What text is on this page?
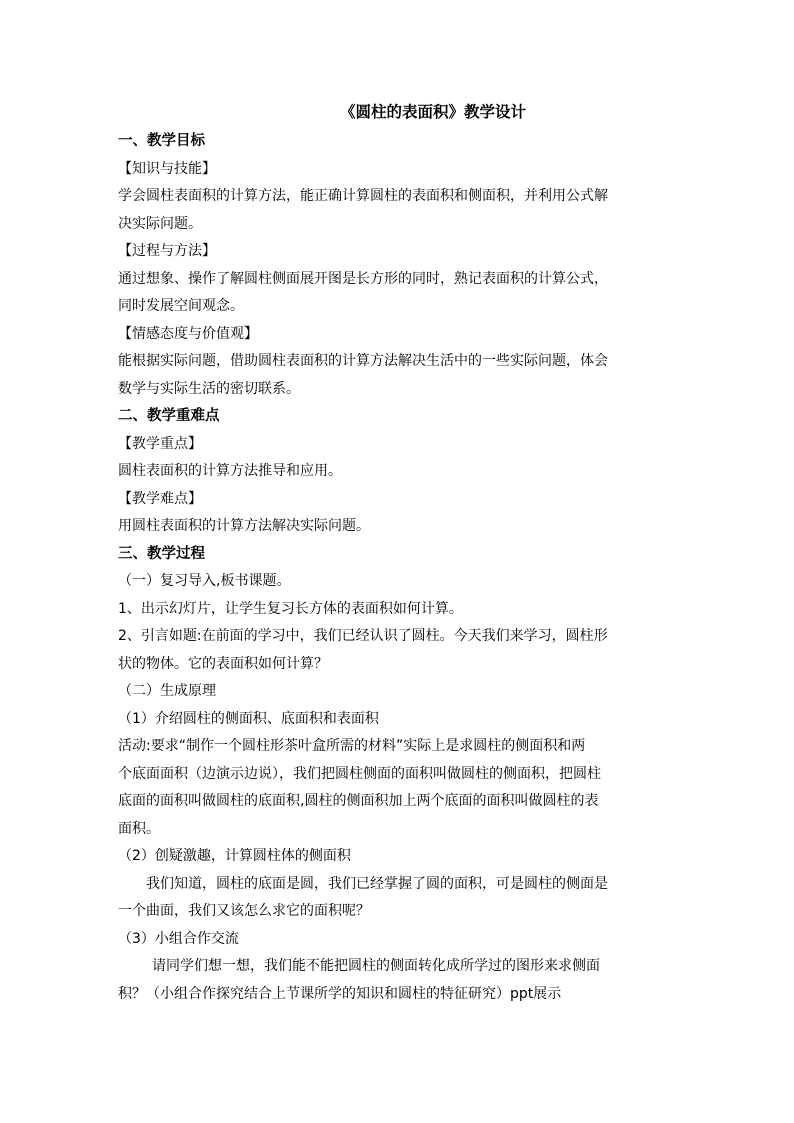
《圆柱的表面积》教学设计
一、教学目标
【知识与技能】
学会圆柱表面积的计算方法，能正确计算圆柱的表面积和侧面积，并利用公式解
决实际问题。
【过程与方法】
通过想象、操作了解圆柱侧面展开图是长方形的同时，熟记表面积的计算公式，
同时发展空间观念。
【情感态度与价值观】
能根据实际问题，借助圆柱表面积的计算方法解决生活中的一些实际问题，体会
数学与实际生活的密切联系。
二、教学重难点
【教学重点】
圆柱表面积的计算方法推导和应用。
【教学难点】
用圆柱表面积的计算方法解决实际问题。
三、教学过程
（一）复习导入,板书课题。
1、出示幻灯片，让学生复习长方体的表面积如何计算。
2、引言如题:在前面的学习中，我们已经认识了圆柱。今天我们来学习，圆柱形
状的物体。它的表面积如何计算？
（二）生成原理
（1）介绍圆柱的侧面积、底面积和表面积
活动:要求“制作一个圆柱形茶叶盒所需的材料”实际上是求圆柱的侧面积和两
个底面面积（边演示边说），我们把圆柱侧面的面积叫做圆柱的侧面积，把圆柱
底面的面积叫做圆柱的底面积,圆柱的侧面积加上两个底面的面积叫做圆柱的表
面积。
（2）创疑激趣，计算圆柱体的侧面积
我们知道，圆柱的底面是圆，我们已经掌握了圆的面积，可是圆柱的侧面是
一个曲面，我们又该怎么求它的面积呢？
（3）小组合作交流
请同学们想一想，我们能不能把圆柱的侧面转化成所学过的图形来求侧面
积？（小组合作探究结合上节课所学的知识和圆柱的特征研究）ppt展示
